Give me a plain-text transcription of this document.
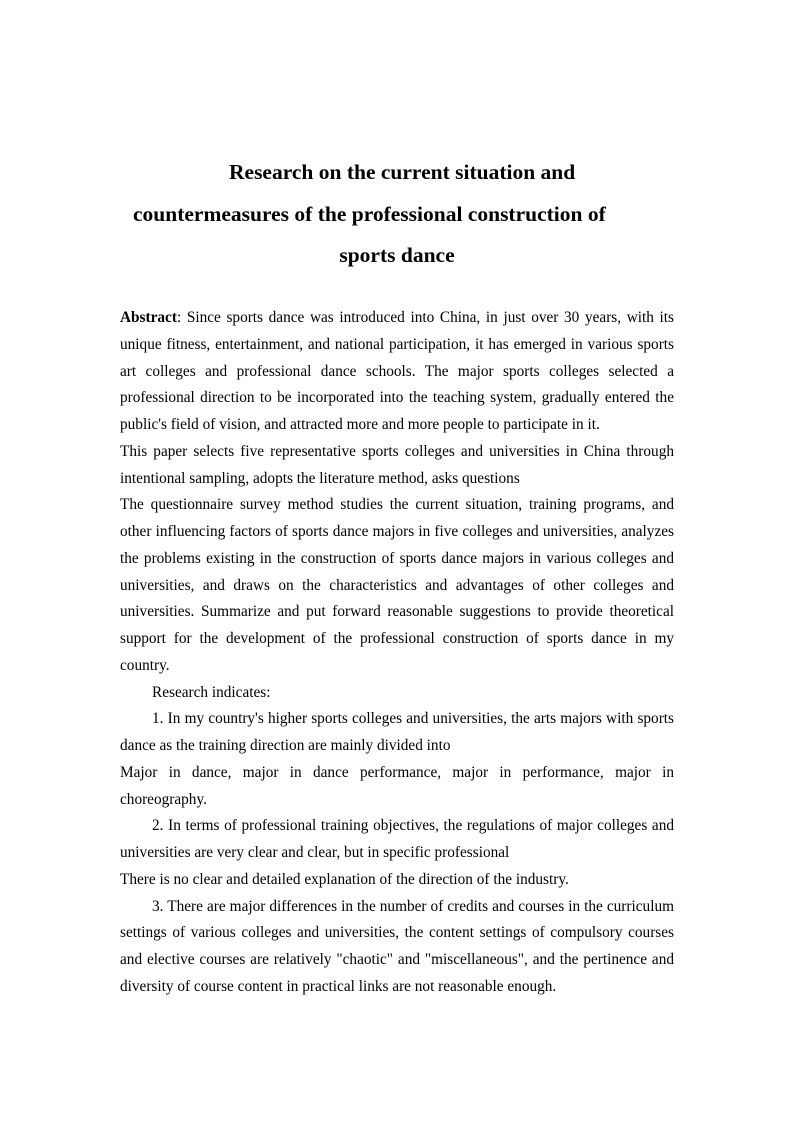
Research on the current situation and
countermeasures of the professional construction of
sports dance

Abstract: Since sports dance was introduced into China, in just over 30 years, with its unique fitness, entertainment, and national participation, it has emerged in various sports art colleges and professional dance schools. The major sports colleges selected a professional direction to be incorporated into the teaching system, gradually entered the public's field of vision, and attracted more and more people to participate in it.

This paper selects five representative sports colleges and universities in China through intentional sampling, adopts the literature method, asks questions

The questionnaire survey method studies the current situation, training programs, and other influencing factors of sports dance majors in five colleges and universities, analyzes the problems existing in the construction of sports dance majors in various colleges and universities, and draws on the characteristics and advantages of other colleges and universities. Summarize and put forward reasonable suggestions to provide theoretical support for the development of the professional construction of sports dance in my country.

Research indicates:

1. In my country's higher sports colleges and universities, the arts majors with sports dance as the training direction are mainly divided into

Major in dance, major in dance performance, major in performance, major in choreography.

2. In terms of professional training objectives, the regulations of major colleges and universities are very clear and clear, but in specific professional

There is no clear and detailed explanation of the direction of the industry.

3. There are major differences in the number of credits and courses in the curriculum settings of various colleges and universities, the content settings of compulsory courses and elective courses are relatively "chaotic" and "miscellaneous", and the pertinence and diversity of course content in practical links are not reasonable enough.
